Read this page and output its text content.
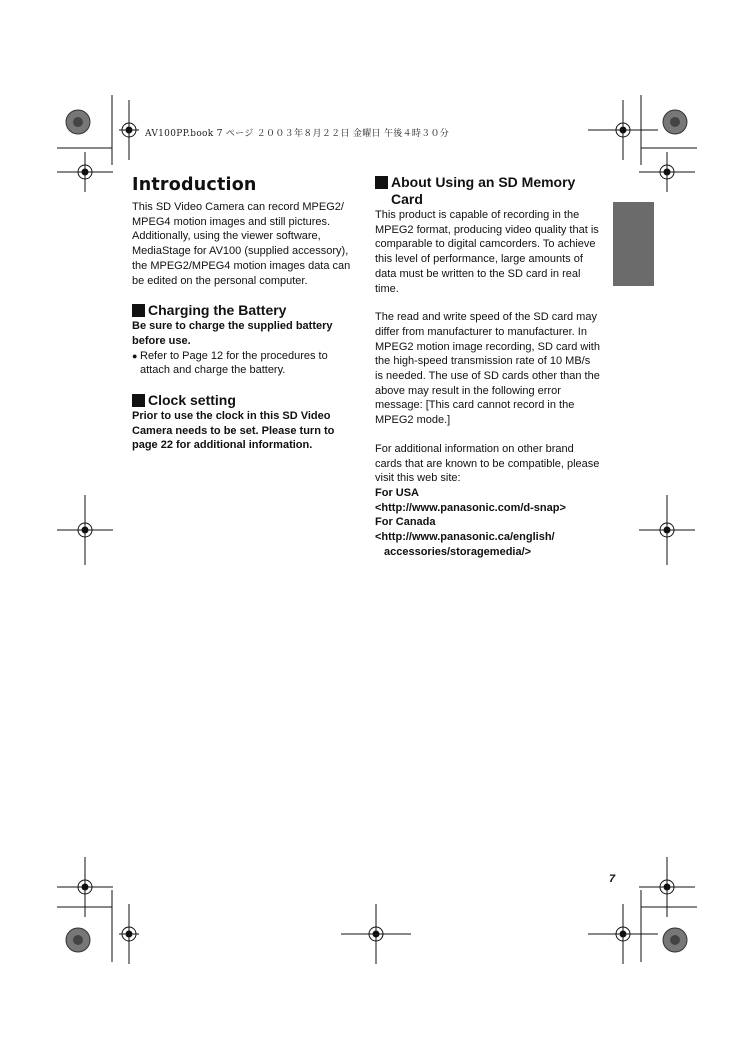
AV100PP.book 7 ページ ２００３年８月２２日 金曜日 午後４時３０分
Introduction

This SD Video Camera can record MPEG2/ MPEG4 motion images and still pictures. Additionally, using the viewer software, MediaStage for AV100 (supplied accessory), the MPEG2/MPEG4 motion images data can be edited on the personal computer.

Charging the Battery

Be sure to charge the supplied battery before use.

● Refer to Page 12 for the procedures to attach and charge the battery.
Clock setting

Prior to use the clock in this SD Video Camera needs to be set. Please turn to page 22 for additional information.

About Using an SD Memory Card

This product is capable of recording in the MPEG2 format, producing video quality that is comparable to digital camcorders. To achieve this level of performance, large amounts of data must be written to the SD card in real time.

The read and write speed of the SD card may differ from manufacturer to manufacturer. In MPEG2 motion image recording, SD card with the high-speed transmission rate of 10 MB/s is needed. The use of SD cards other than the above may result in the following error message: [This card cannot record in the MPEG2 mode.]

For additional information on other brand cards that are known to be compatible, please visit this web site:

For USA

<http://www.panasonic.com/d-snap>

For Canada

<http://www.panasonic.ca/english/

accessories/storagemedia/>

7
